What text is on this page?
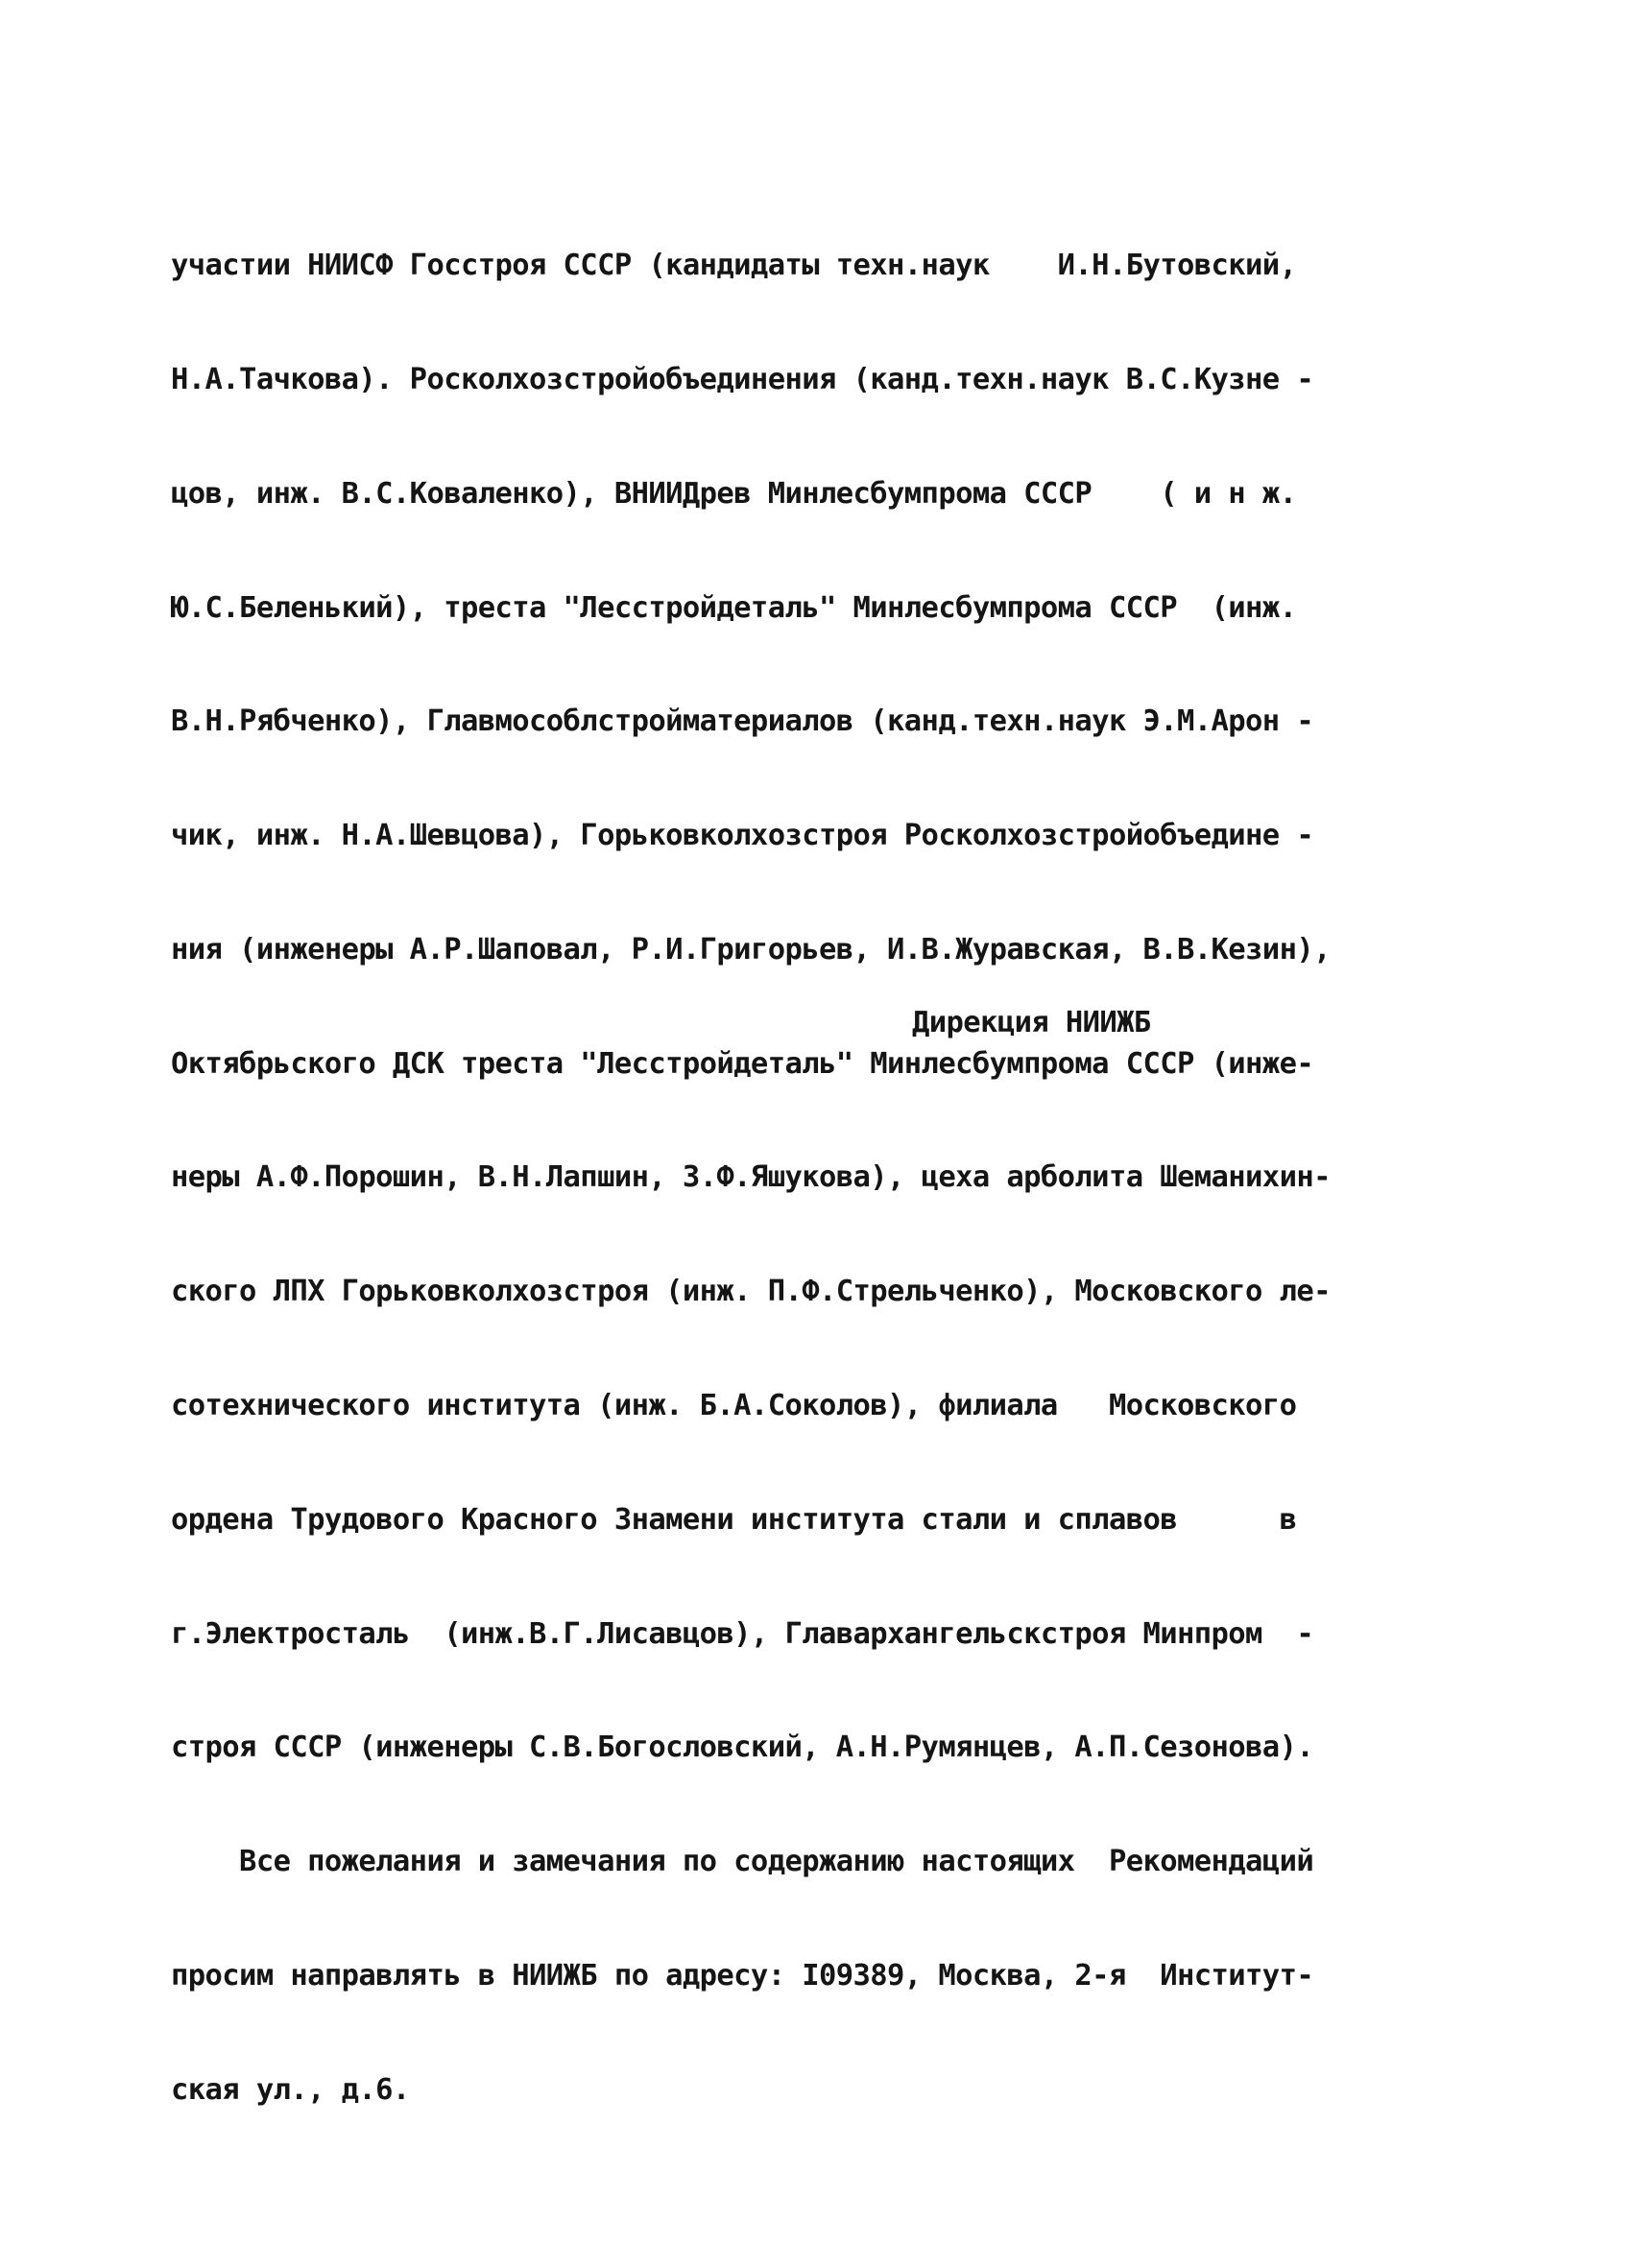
участии НИИСФ Госстроя СССР (кандидаты техн.наук    И.Н.Бутовский,

Н.А.Тачкова). Росколхозстройобъединения (канд.техн.наук В.С.Кузне -

цов, инж. В.С.Коваленко), ВНИИДрев Минлесбумпрома СССР    ( и н ж.

Ю.С.Беленький), треста "Лесстройдеталь" Минлесбумпрома СССР  (инж.

В.Н.Рябченко), Главмособлстройматериалов (канд.техн.наук Э.М.Арон -

чик, инж. Н.А.Шевцова), Горьковколхозстроя Росколхозстройобъедине -

ния (инженеры А.Р.Шаповал, Р.И.Григорьев, И.В.Журавская, В.В.Кезин),

Октябрьского ДСК треста "Лесстройдеталь" Минлесбумпрома СССР (инже-

неры А.Ф.Порошин, В.Н.Лапшин, З.Ф.Яшукова), цеха арболита Шеманихин-

ского ЛПХ Горьковколхозстроя (инж. П.Ф.Стрельченко), Московского ле-

сотехнического института (инж. Б.А.Соколов), филиала   Московского

ордена Трудового Красного Знамени института стали и сплавов      в

г.Электросталь  (инж.В.Г.Лисавцов), Главархангельскстроя Минпром  -

строя СССР (инженеры С.В.Богословский, А.Н.Румянцев, А.П.Сезонова).

Все пожелания и замечания по содержанию настоящих  Рекомендаций

просим направлять в НИИЖБ по адресу: I09389, Москва, 2-я  Институт-

ская ул., д.6.

Дирекция НИИЖБ
